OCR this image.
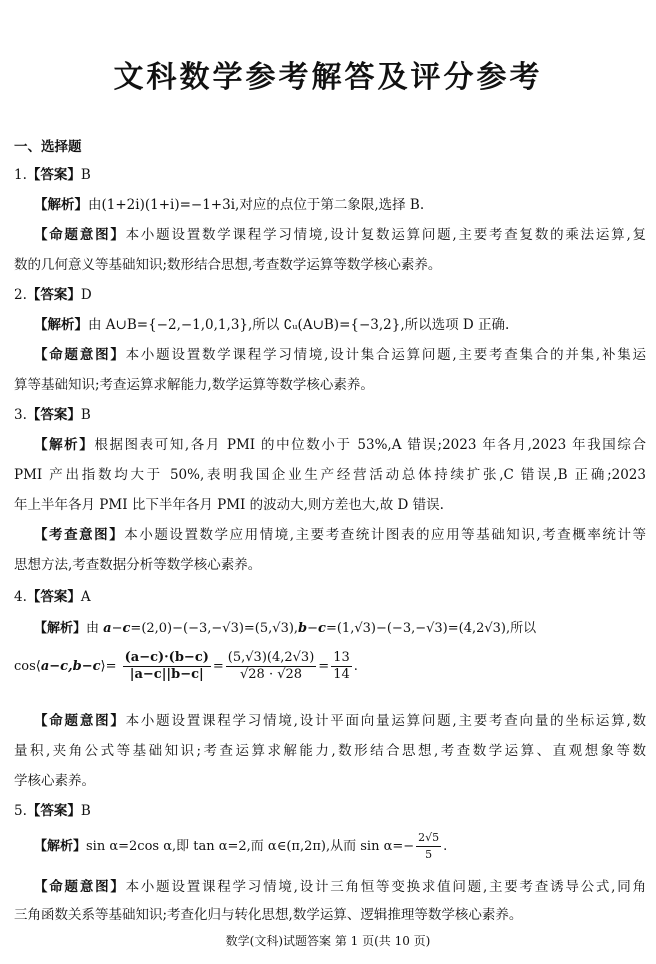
文科数学参考解答及评分参考
一、选择题
1.【答案】B
【解析】由(1+2i)(1+i)=−1+3i,对应的点位于第二象限,选择 B.
【命题意图】本小题设置数学课程学习情境,设计复数运算问题,主要考查复数的乘法运算,复
数的几何意义等基础知识;数形结合思想,考查数学运算等数学核心素养。
2.【答案】D
【解析】由 A∪B={−2,−1,0,1,3},所以 ∁ᵤ(A∪B)={−3,2},所以选项 D 正确.
【命题意图】本小题设置数学课程学习情境,设计集合运算问题,主要考查集合的并集,补集运
算等基础知识;考查运算求解能力,数学运算等数学核心素养。
3.【答案】B
【解析】根据图表可知,各月 PMI 的中位数小于 53%,A 错误;2023 年各月,2023 年我国综合
PMI 产出指数均大于 50%,表明我国企业生产经营活动总体持续扩张,C 错误,B 正确;2023
年上半年各月 PMI 比下半年各月 PMI 的波动大,则方差也大,故 D 错误.
【考查意图】本小题设置数学应用情境,主要考查统计图表的应用等基础知识,考查概率统计等
思想方法,考查数据分析等数学核心素养。
4.【答案】A
【解析】由 a−c=(2,0)−(−3,−√3)=(5,√3),b−c=(1,√3)−(−3,−√3)=(4,2√3),所以
cos⟨a−c,b−c⟩= $\frac{(a-c)\cdot(b-c)}{|a-c||b-c|} = \frac{(5,√3)(4,2√3)}{√28 \cdot √28} = \frac{13}{14}$ .
【命题意图】本小题设置课程学习情境,设计平面向量运算问题,主要考查向量的坐标运算,数
量积,夹角公式等基础知识;考查运算求解能力,数形结合思想,考查数学运算、直观想象等数
学核心素养。
5.【答案】B
【解析】sin α=2cos α,即 tan α=2,而 α∈(π,2π),从而 $\sin \alpha=- \frac{2√5}{5}$ .
【命题意图】本小题设置课程学习情境,设计三角恒等变换求值问题,主要考查诱导公式,同角
三角函数关系等基础知识;考查化归与转化思想,数学运算、逻辑推理等数学核心素养。
数学(文科)试题答案 第 1 页(共 10 页)
